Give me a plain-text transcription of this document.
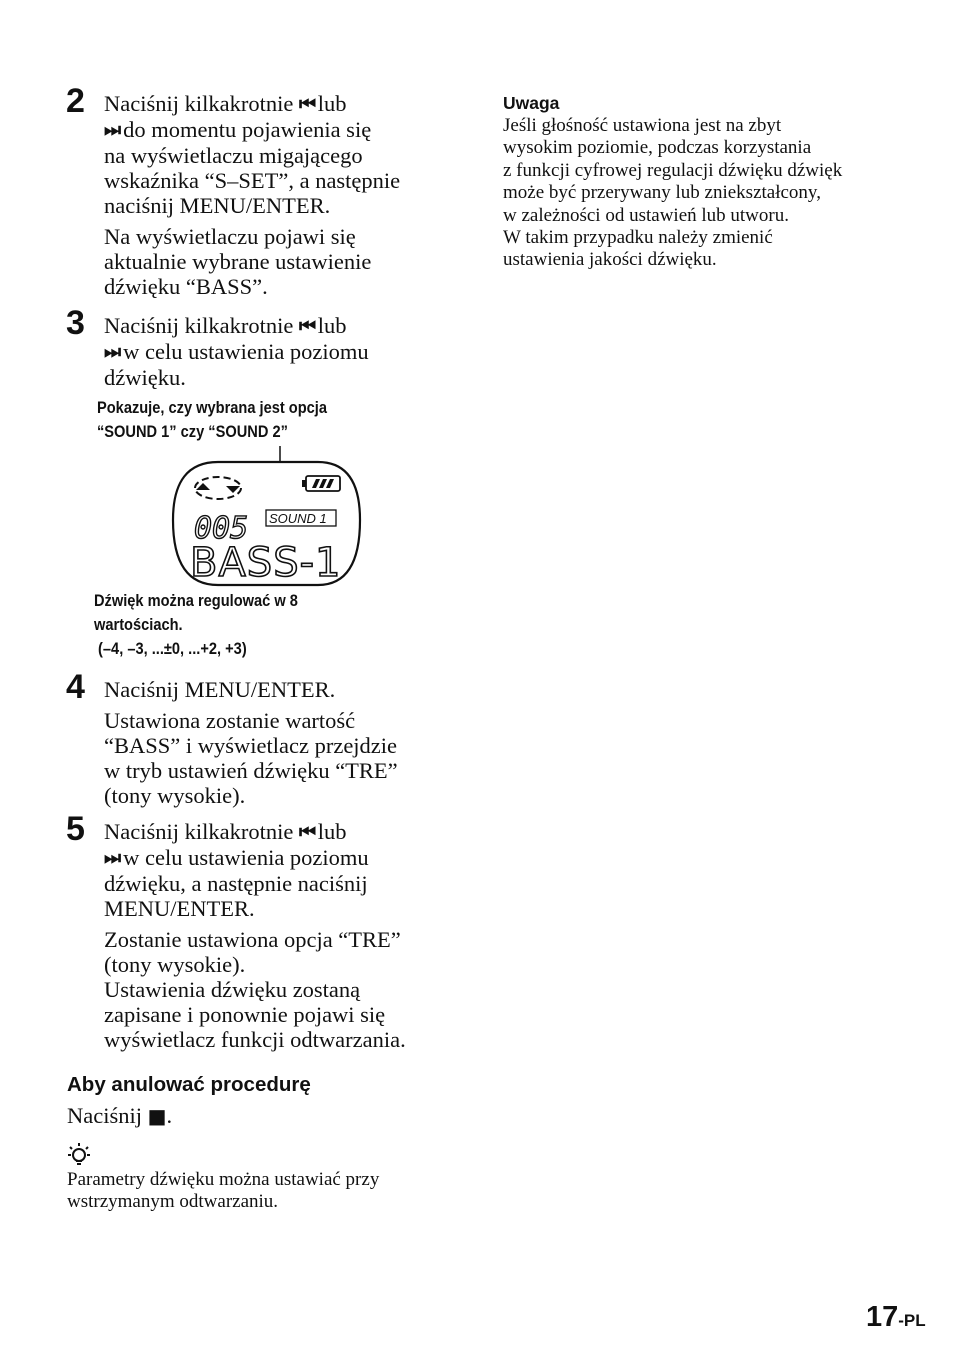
2 Naciśnij kilkakrotnie ⏮ lub

⏭ do momentu pojawienia się

na wyświetlaczu migającego

wskaźnika “S–SET”, a następnie

naciśnij MENU/ENTER.

Na wyświetlaczu pojawi się

aktualnie wybrane ustawienie

dźwięku “BASS”.

3 Naciśnij kilkakrotnie ⏮ lub

⏭ w celu ustawienia poziomu

dźwięku.

Pokazuje, czy wybrana jest opcja
“SOUND 1” czy “SOUND 2”
005 SOUND 1
BASS-1
Dźwięk można regulować w 8
wartościach.
(–4, –3, ...±0, ...+2, +3)
4 Naciśnij MENU/ENTER.

Ustawiona zostanie wartość

“BASS” i wyświetlacz przejdzie

w tryb ustawień dźwięku “TRE”

(tony wysokie).

5 Naciśnij kilkakrotnie ⏮ lub

⏭ w celu ustawienia poziomu

dźwięku, a następnie naciśnij

MENU/ENTER.

Zostanie ustawiona opcja “TRE”

(tony wysokie).

Ustawienia dźwięku zostaną

zapisane i ponownie pojawi się

wyświetlacz funkcji odtwarzania.

Aby anulować procedurę
Naciśnij ■.
Parametry dźwięku można ustawiać przy
wstrzymanym odtwarzaniu.
Uwaga
Jeśli głośność ustawiona jest na zbyt
wysokim poziomie, podczas korzystania
z funkcji cyfrowej regulacji dźwięku dźwięk
może być przerywany lub zniekształcony,
w zależności od ustawień lub utworu.
W takim przypadku należy zmienić
ustawienia jakości dźwięku.
17-PL
